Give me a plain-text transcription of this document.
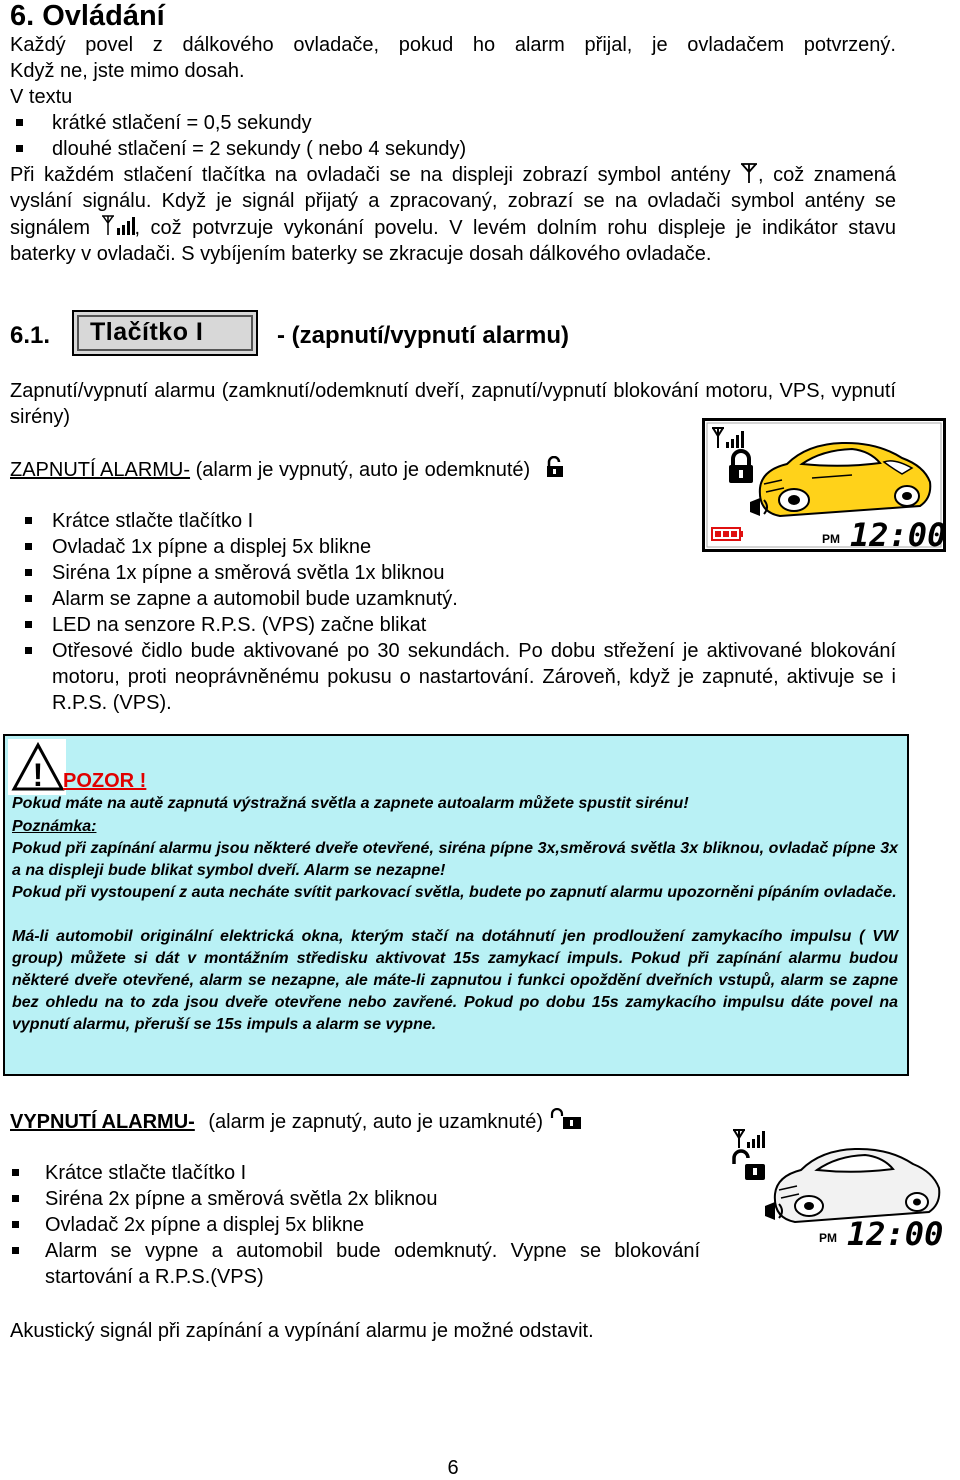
6. Ovládání
Každý povel z dálkového ovladače, pokud ho alarm přijal, je ovladačem potvrzený.
Když ne, jste mimo dosah.
V textu
krátké stlačení = 0,5 sekundy
dlouhé stlačení = 2 sekundy ( nebo 4 sekundy)
Při každém stlačení tlačítka na ovladači se na displeji zobrazí symbol antény , což znamená vyslání signálu. Když je signál přijatý a zpracovaný, zobrazí se na ovladači symbol antény se signálem , což potvrzuje vykonání povelu. V levém dolním rohu displeje je indikátor stavu baterky v ovladači. S vybíjením baterky se zkracuje dosah dálkového ovladače.
6.1. Tlačítko I	- (zapnutí/vypnutí alarmu)
Zapnutí/vypnutí alarmu (zamknutí/odemknutí dveří, zapnutí/vypnutí blokování motoru, VPS, vypnutí sirény)
ZAPNUTÍ ALARMU- (alarm je vypnutý, auto je odemknuté)
PM 12:00
Krátce stlačte tlačítko I
Ovladač 1x pípne a displej 5x blikne
Siréna 1x pípne a směrová světla 1x bliknou
Alarm se zapne a automobil bude uzamknutý.
LED na senzore R.P.S. (VPS) začne blikat
Otřesové čidlo bude aktivované po 30 sekundách. Po dobu střežení je aktivované blokování motoru, proti neoprávněnému pokusu o nastartování. Zároveň, když je zapnuté, aktivuje se i R.P.S. (VPS).
! POZOR !
Pokud máte na autě zapnutá výstražná světla a zapnete autoalarm můžete spustit sirénu!
Poznámka:
Pokud při zapínání alarmu jsou některé dveře otevřené, siréna pípne 3x,směrová světla 3x bliknou, ovladač pípne 3x a na displeji bude blikat symbol dveří. Alarm se nezapne!
Pokud při vystoupení z auta necháte svítit parkovací světla, budete po zapnutí alarmu upozorněni pípáním ovladače.
Má-li automobil originální elektrická okna, kterým stačí na dotáhnutí jen prodloužení zamykacího impulsu ( VW group) můžete si dát v montážním středisku aktivovat 15s zamykací impuls. Pokud při zapínání alarmu budou některé dveře otevřené, alarm se nezapne, ale máte-li zapnutou i funkci opoždění dveřních vstupů, alarm se zapne bez ohledu na to zda jsou dveře otevřene nebo zavřené. Pokud po dobu 15s zamykacího impulsu dáte povel na vypnutí alarmu, přeruší se 15s impuls a alarm se vypne.
VYPNUTÍ ALARMU- (alarm je zapnutý, auto je uzamknuté)
PM 12:00
Krátce stlačte tlačítko I
Siréna 2x pípne a směrová světla 2x bliknou
Ovladač 2x pípne a displej 5x blikne
Alarm se vypne a automobil bude odemknutý. Vypne se blokování startování a R.P.S.(VPS)
Akustický signál při zapínání a vypínání alarmu je možné odstavit.
6
